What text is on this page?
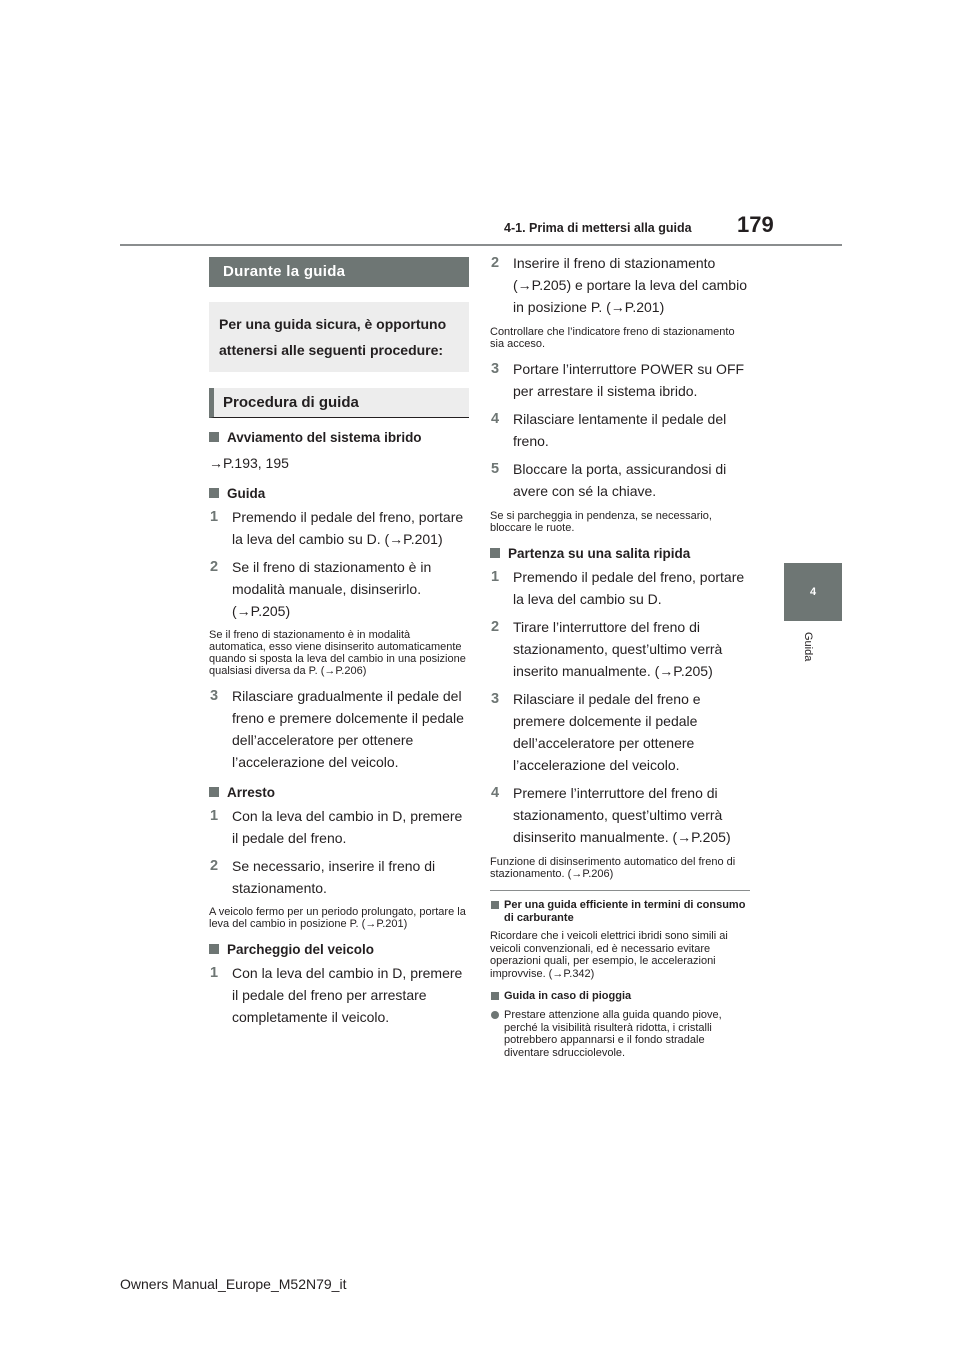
4-1. Prima di mettersi alla guida 179
4
Guida
Durante la guida
Per una guida sicura, è opportuno attenersi alle seguenti procedure:
Procedura di guida
Avviamento del sistema ibrido
→P.193, 195
Guida
1 Premendo il pedale del freno, portare la leva del cambio su D. (→P.201)
2 Se il freno di stazionamento è in modalità manuale, disinserirlo. (→P.205)
Se il freno di stazionamento è in modalità automatica, esso viene disinserito automaticamente quando si sposta la leva del cambio in una posizione qualsiasi diversa da P. (→P.206)
3 Rilasciare gradualmente il pedale del freno e premere dolcemente il pedale dell’acceleratore per ottenere l’accelerazione del veicolo.
Arresto
1 Con la leva del cambio in D, premere il pedale del freno.
2 Se necessario, inserire il freno di stazionamento.
A veicolo fermo per un periodo prolungato, portare la leva del cambio in posizione P. (→P.201)
Parcheggio del veicolo
1 Con la leva del cambio in D, premere il pedale del freno per arrestare completamente il veicolo.
2 Inserire il freno di stazionamento (→P.205) e portare la leva del cambio in posizione P. (→P.201)
Controllare che l’indicatore freno di stazionamento sia acceso.
3 Portare l’interruttore POWER su OFF per arrestare il sistema ibrido.
4 Rilasciare lentamente il pedale del freno.
5 Bloccare la porta, assicurandosi di avere con sé la chiave.
Se si parcheggia in pendenza, se necessario, bloccare le ruote.
Partenza su una salita ripida
1 Premendo il pedale del freno, portare la leva del cambio su D.
2 Tirare l’interruttore del freno di stazionamento, quest’ultimo verrà inserito manualmente. (→P.205)
3 Rilasciare il pedale del freno e premere dolcemente il pedale dell’acceleratore per ottenere l’accelerazione del veicolo.
4 Premere l’interruttore del freno di stazionamento, quest’ultimo verrà disinserito manualmente. (→P.205)
Funzione di disinserimento automatico del freno di stazionamento. (→P.206)
Per una guida efficiente in termini di consumo di carburante
Ricordare che i veicoli elettrici ibridi sono simili ai veicoli convenzionali, ed è necessario evitare operazioni quali, per esempio, le accelerazioni improvvise. (→P.342)
Guida in caso di pioggia
Prestare attenzione alla guida quando piove, perché la visibilità risulterà ridotta, i cristalli potrebbero appannarsi e il fondo stradale diventare sdrucciolevole.
Owners Manual_Europe_M52N79_it
